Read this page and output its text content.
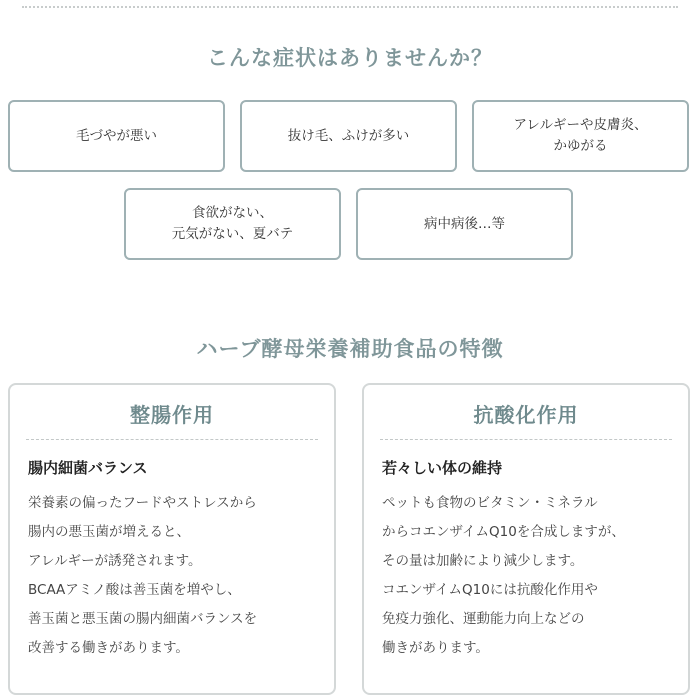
こんな症状はありませんか？
毛づやが悪い	抜け毛、ふけが多い
アレルギーや皮膚炎、
かゆがる
食欲がない、
元気がない、夏バテ
病中病後…等
ハーブ酵母栄養補助食品の特徴
整腸作用
腸内細菌バランス
栄養素の偏ったフードやストレスから
腸内の悪玉菌が増えると、
アレルギーが誘発されます。
BCAAアミノ酸は善玉菌を増やし、
善玉菌と悪玉菌の腸内細菌バランスを
改善する働きがあります。
抗酸化作用
若々しい体の維持
ペットも食物のビタミン・ミネラル
からコエンザイムQ10を合成しますが、
その量は加齢により減少します。
コエンザイムQ10には抗酸化作用や
免疫力強化、運動能力向上などの
働きがあります。
